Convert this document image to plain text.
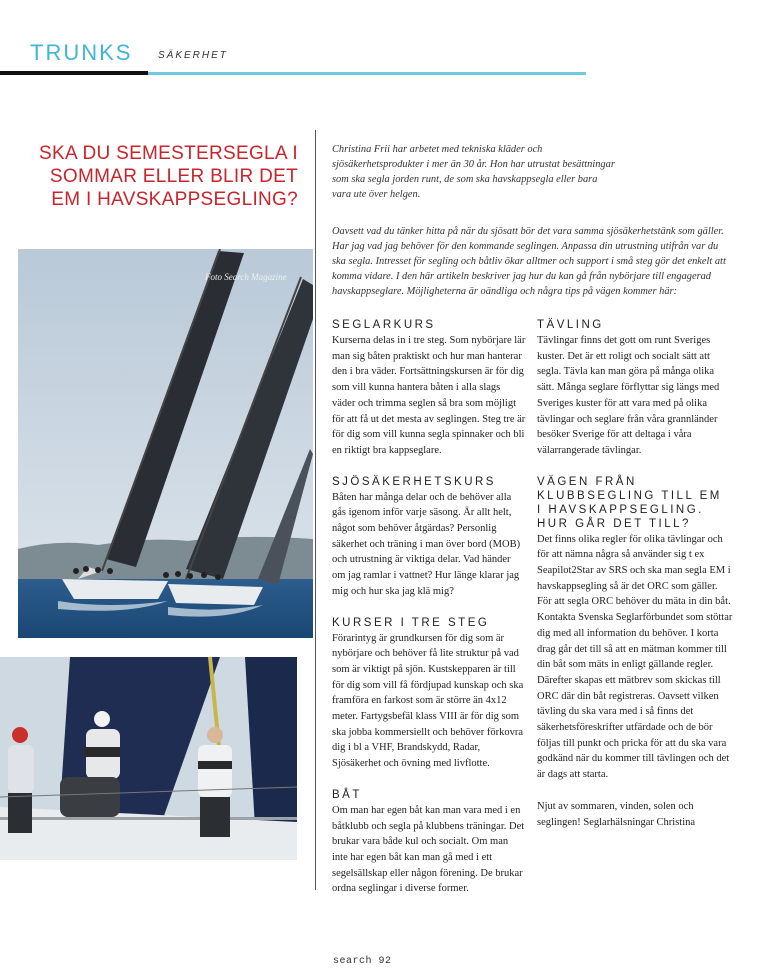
TRUNKS	SÄKERHET
SKA DU SEMESTERSEGLA I SOMMAR ELLER BLIR DET EM I HAVSKAPPSEGLING?
Christina Frii har arbetet med tekniska kläder och sjösäkerhetsprodukter i mer än 30 år. Hon har utrustat besättningar som ska segla jorden runt, de som ska havskappsegla eller bara vara ute över helgen.
Oavsett vad du tänker hitta på när du sjösatt bör det vara samma sjösäkerhetstänk som gäller. Har jag vad jag behöver för den kommande seglingen. Anpassa din utrustning utifrån var du ska segla. Intresset för segling och båtliv ökar alltmer och support i små steg gör det enkelt att komma vidare. I den här artikeln beskriver jag hur du kan gå från nybörjare till engagerad havskappseglare. Möjligheterna är oändliga och några tips på vägen kommer här:
Foto Search Magazine
SEGLARKURS

Kurserna delas in i tre steg. Som nybörjare lär man sig båten praktiskt och hur man hanterar den i bra väder. Fortsättningskursen är för dig som vill kunna hantera båten i alla slags väder och trimma seglen så bra som möjligt för att få ut det mesta av seglingen. Steg tre är för dig som vill kunna segla spinnaker och bli en riktigt bra kappseglare.

SJÖSÄKERHETSKURS

Båten har många delar och de behöver alla gås igenom inför varje säsong. Är allt helt, något som behöver åtgärdas? Personlig säkerhet och träning i man över bord (MOB) och utrustning är viktiga delar. Vad händer om jag ramlar i vattnet? Hur länge klarar jag mig och hur ska jag klä mig?

KURSER I TRE STEG

Förarintyg är grundkursen för dig som är nybörjare och behöver få lite struktur på vad som är viktigt på sjön. Kustskepparen är till för dig som vill få fördjupad kunskap och ska framföra en farkost som är större än 4x12 meter. Fartygsbefäl klass VIII är för dig som ska jobba kommersiellt och behöver förkovra dig i bl a VHF, Brandskydd, Radar, Sjösäkerhet och övning med livflotte.

BÅT

Om man har egen båt kan man vara med i en båtklubb och segla på klubbens träningar. Det brukar vara både kul och socialt. Om man inte har egen båt kan man gå med i ett segelsällskap eller någon förening. De brukar ordna seglingar i diverse former.

TÄVLING

Tävlingar finns det gott om runt Sveriges kuster. Det är ett roligt och socialt sätt att segla. Tävla kan man göra på många olika sätt. Många seglare förflyttar sig längs med Sveriges kuster för att vara med på olika tävlingar och seglare från våra grannländer besöker Sverige för att deltaga i våra välarrangerade tävlingar.

VÄGEN FRÅN KLUBBSEGLING TILL EM I HAVSKAPPSEGLING. HUR GÅR DET TILL?

Det finns olika regler för olika tävlingar och för att nämna några så använder sig t ex Seapilot2Star av SRS och ska man segla EM i havskappsegling så är det ORC som gäller. För att segla ORC behöver du mäta in din båt. Kontakta Svenska Seglarförbundet som stöttar dig med all information du behöver. I korta drag går det till så att en mätman kommer till din båt som mäts in enligt gällande regler. Därefter skapas ett mätbrev som skickas till ORC där din båt registreras. Oavsett vilken tävling du ska vara med i så finns det säkerhetsföreskrifter utfärdade och de bör följas till punkt och pricka för att du ska vara godkänd när du kommer till tävlingen och det är dags att starta.

Njut av sommaren, vinden, solen och seglingen! Seglarhälsningar Christina

search 92
